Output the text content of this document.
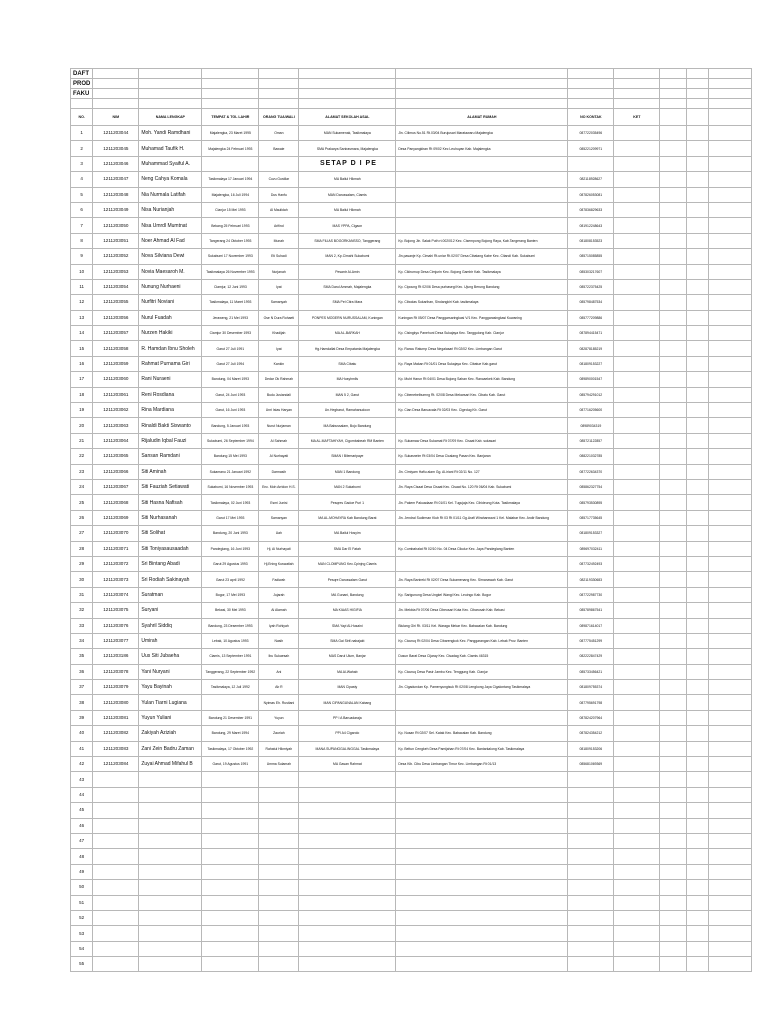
DAFT											
PROD											
FAKU											

NO.	NIM	NAMA LENGKAP	TEMPAT & TGL LAHIR	ORANG TUA/WALI	ALAMAT SEKOLAH ASAL	ALAMAT RUMAH	NO KONTAK	KET			
1	1211203044	Moh. Yandi Ramdhani	Majalengka, 23 Maret 1995	Oman	MAN Sukamenak, Tasikmalaya	Jln. Cilimus No.51 Rt.03/04 Burujusari Maratawaru Majalengka	087722035496				
2	1211203045	Muhamad Taufik H.	Majalengka 24 Februari 1993	Bawaie	SMA Prakarya Sanirasmara, Majalengka	Desa Panyangkiran Rt 09/02 Kec Leuhuyan Kab. Majalengka	085221209971				
3	1211203046	Muhammad Syaiful A.									
4	1211203047	Neng Cahya Komala	Tasikmalaya 17 Januari 1994	Cuvu Gustilar	MA Bailul Hikmah		082118928627				
5	1211203048	Nia Nurmala Latifah	Majalengka, 16 Juli 1994	Dus Hanfu	MAN Darussalam, Ciamis		087826053081				
6	1211203049	Nisa Nurianjah	Cianjur 15 Mei 1993	Al Maulidah	MA Bailul Hikmah		087836829633				
7	1211203050	Nisa Umrdl Mumtnat	Bekang 25 Februari 1993	Arifind	MAS YPPA, Cigaon		081912248643				
8	1211203051	Noer Ahmad Al Fad	Tangerang 24 Oktober 1993	Munah	SMA FILIAS BOGORKANSSO, Tanggerang	Kp. Bojong Jln. Salak Puth rt.002/012 Kec. Cisempong Bojong Raya, Kab.Tangerang Banten	081808153523				
9	1211203052	Nova Silviana Dewi	Sukabumi 17 November 1993	Eti Suhadi	MAN 2, Kp.Cimahi Sukabumi	Jln.pasanje Kp. Cimahi Rt.uniar Rt.02/07 Desa Cibatang Kabe Kec. Citandi Kab. Sukabumi	085715085855				
10	1211203053	Novia Maesaroh M.	Tasikmalaya 26 November 1993	Nurjanah	Pesantr Al-Amin	Kp. Cikirumup Desa Cimjurin Kec. Bojong Gambir Kab. Tasikmalaya	085303217607				
11	1211203054	Nunung Nurhaeni	Ciamjur, 12 Juni 1993	Iyat	SMA Darul Ammah, Majalengka	Kp. Cipoung Rt 02/06 Desa purbasegi Kec. Ujung Berung Bandung	085722375425				
12	1211203055	Nurfitri Noviani	Tasikmalaya, 11 Maret 1993	Samanyah	SMA Pel Citra Mara	Kp. Cibodas Sukarihan, Sindangkiri Kab. tasikmalaya	085798487534				
13	1211203056	Nurul Fuadah	Jeraweng, 21 Mei 1993	Ose N Dura Rohaeti	PONPES MODERN NURUSSALAM, Kuningan	Kuningan Rt 05/07 Desa Panggarsaringkasi V/1 Kec. Panggarasingkasi Kuwaning	085777209886				
14	1211203057	Nurzen Hakiki	Ciamjur 30 Desember 1993	Khadijah	MA AL-BARKAH	Kp. Cisingkyu Panehuni Desa Sukajaya Kec. Tanggulong Kab. Cianjur	087894415471				
15	1211203058	R. Hamdan Ibnu Sholeh	Garut 27 Juli 1991	Iyat	Hg.Hamdallat Desa Empatanta Majalengka	Kp. Rancu Raturnp Desa Negalasari Rt 02/02 Kec. Limbangan Garut	082878185219				
16	1211203059	Rahmat Purnama Giri	Garut 27 Juli 1994	Kankin	SMA Cibatu	Kp. Raya Makan Rt 01/01 Desa Sukajaya Kec. Cibatue Kab.garut	081809153227				
17	1211203060	Rani Nuraeni	Bandung, 04 Maret 1993	Dedar Ok Rahmah	MA Husyhmlls	Kp. Muht Harun Rt 04/01 Desa Bojong Sahan Kec. Rancaekek Kab. Bandung	089890001547				
18	1211203061	Reni Rosdiana	Garut, 24 Juni 1993	Budu Jusiandali	MAN 5 2, Garut	Kp. Cibenebelbumng Rt. 02/08 Desa Mekarsari Kec. Cibatu Kab. Garut	085794291012				
19	1211203062	Rina Mardiana	Garut, 16 Juni 1993	Unri Istas Haryan	Un.Hegbarut, Ramahanudoon	Kp. Cian Desa Baruacala Rt 02/03 Kec. Cigedug Kb. Garut	087716205600				
20	1211203063	Rinaldi Bakti Siswanto	Bandung, 5 Januari 1993	Nurut Nurjaman	MA Babussalam, Bojo Bandung		08989034319				
21	1211203064	Rijaludin Iqbal Fauzi	Sukabumi, 26 September 1994	Al Sahmah	MA AL-MAFTAHIYAH, Cigombabeah RM Banten	Kp. Sukamaw Desa Sukamat Rt 07/09 Kec. Cisaat Kab. sukasari	085721122857				
22	1211203065	Sansan Ramdani	Bandung 15 Mei 1993	Al Nurhayati	SMAN I Bilemaripaye	Kp. Sukasnelm Rt 03/04 Desa Cicalang Pasan Kec. Banjaran	088221032785				
23	1211203066	Siti Aminah	Sukamanu 21 Januari 1992	Darmasih	MAN 1 Bandung	Jln. Cimiyam Hafiu alam Gg. Al-iriani Rt 02/11 No. 127	087722634370				
24	1211203067	Siti Fauziah Setiawati	Sukabumi, 16 November 1993	Enc. Moh Arridon H.S.	MAN 2 Sukabumi	Jln. Raya Cisaat Desa Cisaat Kec. Cisaat No. 120 Rt 06/04 Kab. Sukabumi	085862327754				
25	1211203068	Siti Hasna Nafisah	Tasikmalaya, 02 Juni 1993	Esmi Junisi	Pesqres Gadoe Puri 1	Jln. Pakem Pakuadaan Rt 01/01 Kel. Tugujaja Kec. Cihideung Kota. Tasikmalaya	085793530895				
26	1211203069	Siti Nurhasanah	Garut 17 Mei 1993	Samanyan	MA AL-MOHAYRA Kab Bandung Barat	Jln. Jendral Sudirman Klub Rt 03 Rt 01/11 Gg.Arafi Wirahanwani 1 Kel. Malabar Kec. Andir Bandung	085717735645				
27	1211203070	Siti Solihat	Bandung, 20 Juni 1993	Uah	MA Bailul Hosyim		081809153327				
28	1211203071	Siti Toniyasausaadah	Pandeglang, 16 Juni 1993	Hj. Ai Nurhayati	SMA Dar El Fatah	Kp. Cumbahalat Rt 02/10 No. 04 Desa Cikulur Kec. Jaya Pandeglang Banten	089697032411				
29	1211203072	Sri Bintang Abadi	Garut 29 Agustus 1993	Hj.Ening Kuswatiah	MAN CLOMPUNG Kec.Cpinjng Ciamis		087732492493				
30	1211203073	Sri Rodiah Sakinayah	Garut 23 april 1992	Fadiwah	Pesqre Darussalam Garut	Jln. Raya Banireki Rt 02/07 Desa Sukamenang Kec. Sirnanawah Kab. Garut	082119330683				
31	1211203074	Suratman	Bogor, 17 Mei 1993	Jujarah	MA Gunani, Bandung	Kp. Sarigunung Desa Ungkel Wangi Kec. Leuingo Kab. Bogor	087722987730				
32	1211203075	Suryani	Bekasi, 30 Mei 1993	Ai Alamah	MA KIAAS HIGIFIA	Jln. Mekkta Rt 07/06 Desa Cibeusari Kota Kec. Cibarusah Kab. Bekasi	085789867541				
33	1211203076	Syahril Siddiq	Bandung, 23 Desember 1993	Iyah Rohiyah	SMA Yayi Al-Husaini	Blulang Giri Rt. 03/11 Kel. Waraga Mekar Kec. Babacalan Kab. Bandung	089871614017				
34	1211203077	Umirah	Lebak, 10 Agustus 1993	Nasih	SMA Gai Sirif-nabajakt	Kp. Cicuruq Rt 02/04 Desa Cibarengkok Kec. Panggarangan Kab. Lebak Prov. Banten	087775451299				
35	1211203186	Uus Siti Jubaeha	Ciamis, 13 September 1991	Ibu Sukaesah	MAS Darul Ulum, Banjar	Dusun Barat Desa Cijaray Kec. Cisadag Kab. Ciamis 46315	082222847429				
36	1211203078	Yani Nuryani	Tanggerang, 22 September 1992	Ani	MA Al-Wahab	Kp. Cicuruq Desa Pasir Jambu Kec. Tenggung Kab. Cianjur	085733456421				
37	1211203079	Yayu Bayinah	Tasikmalaya, 12 Juli 1992	Ab R	MAN Cipasty	Jln. Cigadundan Kp. Pamenyungisuk Rt 02/08 Lengkong Jaya Cigalontang Tasikmalaya	081809755374				
38	1211203080	Yulan Tiarni Lugiana		Nyimas Eh. Rustiani	MAN CIPANGUNALAN Kabang		087795691798				
39	1211203081	Yuyun Yuliani	Bandung 21 Desember 1991	Yuyun	PP I A Baruadaraja		087824207964				
40	1211203082	Zakiyah Aziziah	Bandung, 29 Maret 1994	Zauriah	PPI A4 Cigarolo	Kp. Nusan Rt 02/07 Sel. Katak Kec. Babacalan Kab. Bandung	087824354212				
41	1211203083	Zani Zein Badru Zaman	Tasikmalaya, 17 Oktober 1992	Rahatul Hikmiyah	MANA SUPANGGALINGGAL Tasikmalaya	Kp. Beltun Cengkeh Desa Pamijahan Rt 07/04 Kec. Bantarkalong Kab. Tasikmalaya	081809153206				
42	1211203084	Zuyai Ahmad Mifahul B	Garut, 19 Agustus 1991	Umma Sulamah	MA Gasan Rahmat	Desa Kib. Cibu Desa Limbangan Timur Kec. Limbangan Rt 01/13	085681069369				
43											
44											
45											
46											
47											
48											
49											
50											
51											
52											
53											
54											
55											
SETAP D I PE
